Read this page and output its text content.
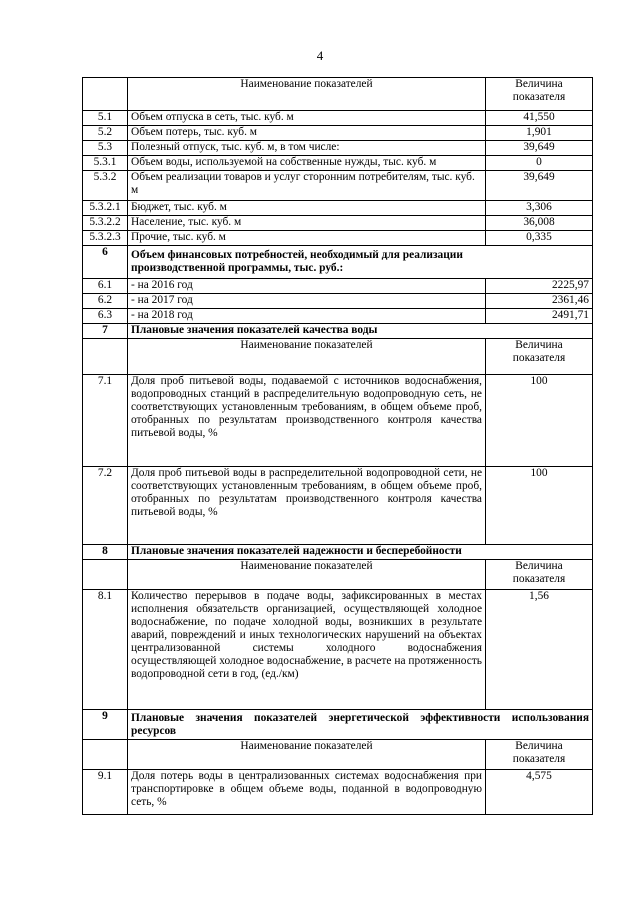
4
	Наименование показателей	Величина показателя
5.1	Объем отпуска в сеть, тыс. куб. м	41,550
5.2	Объем потерь, тыс. куб. м	1,901
5.3	Полезный отпуск, тыс. куб. м, в том числе:	39,649
5.3.1	Объем воды, используемой на собственные нужды, тыс. куб. м	0
5.3.2	Объем реализации товаров и услуг сторонним потребителям, тыс. куб. м	39,649
5.3.2.1	Бюджет, тыс. куб. м	3,306
5.3.2.2	Население, тыс. куб. м	36,008
5.3.2.3	Прочие, тыс. куб. м	0,335
6	Объем финансовых потребностей, необходимый для реализации производственной программы, тыс. руб.:	
6.1	- на 2016 год	2225,97
6.2	- на 2017 год	2361,46
6.3	- на 2018 год	2491,71
7	Плановые значения показателей качества воды	
	Наименование показателей	Величина показателя
7.1	Доля проб питьевой воды, подаваемой с источников водоснабжения, водопроводных станций в распределительную водопроводную сеть, не соответствующих установленным требованиям, в общем объеме проб, отобранных по результатам производственного контроля качества питьевой воды, %	100
7.2	Доля проб питьевой воды в распределительной водопроводной сети, не соответствующих установленным требованиям, в общем объеме проб, отобранных по результатам производственного контроля качества питьевой воды, %	100
8	Плановые значения показателей надежности и бесперебойности	
	Наименование показателей	Величина показателя
8.1	Количество перерывов в подаче воды, зафиксированных в местах исполнения обязательств организацией, осуществляющей холодное водоснабжение, по подаче холодной воды, возникших в результате аварий, повреждений и иных технологических нарушений на объектах централизованной системы холодного водоснабжения осуществляющей холодное водоснабжение, в расчете на протяженность водопроводной сети в год, (ед./км)	1,56
9	Плановые значения показателей энергетической эффективности использования ресурсов	
	Наименование показателей	Величина показателя
9.1	Доля потерь воды в централизованных системах водоснабжения при транспортировке в общем объеме воды, поданной в водопроводную сеть, %	4,575
